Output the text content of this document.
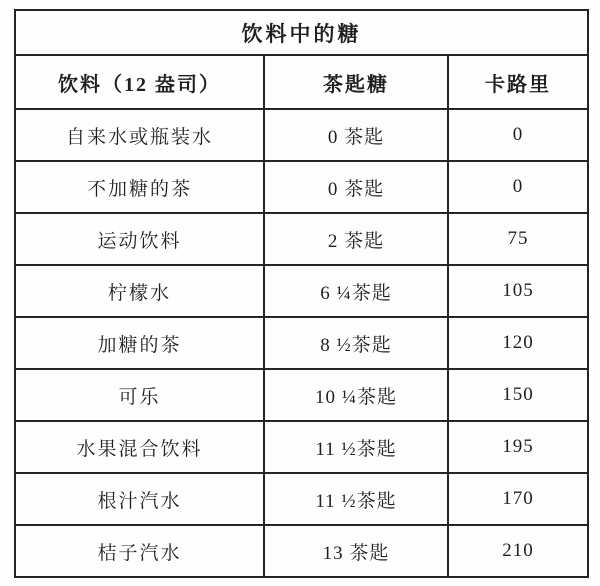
饮料中的糖		
饮料（12 盎司）	茶匙糖	卡路里
自来水或瓶装水	0 茶匙	0
不加糖的茶	0 茶匙	0
运动饮料	2 茶匙	75
柠檬水	6 ¼茶匙	105
加糖的茶	8 ½茶匙	120
可乐	10 ¼茶匙	150
水果混合饮料	11 ½茶匙	195
根汁汽水	11 ½茶匙	170
桔子汽水	13 茶匙	210
